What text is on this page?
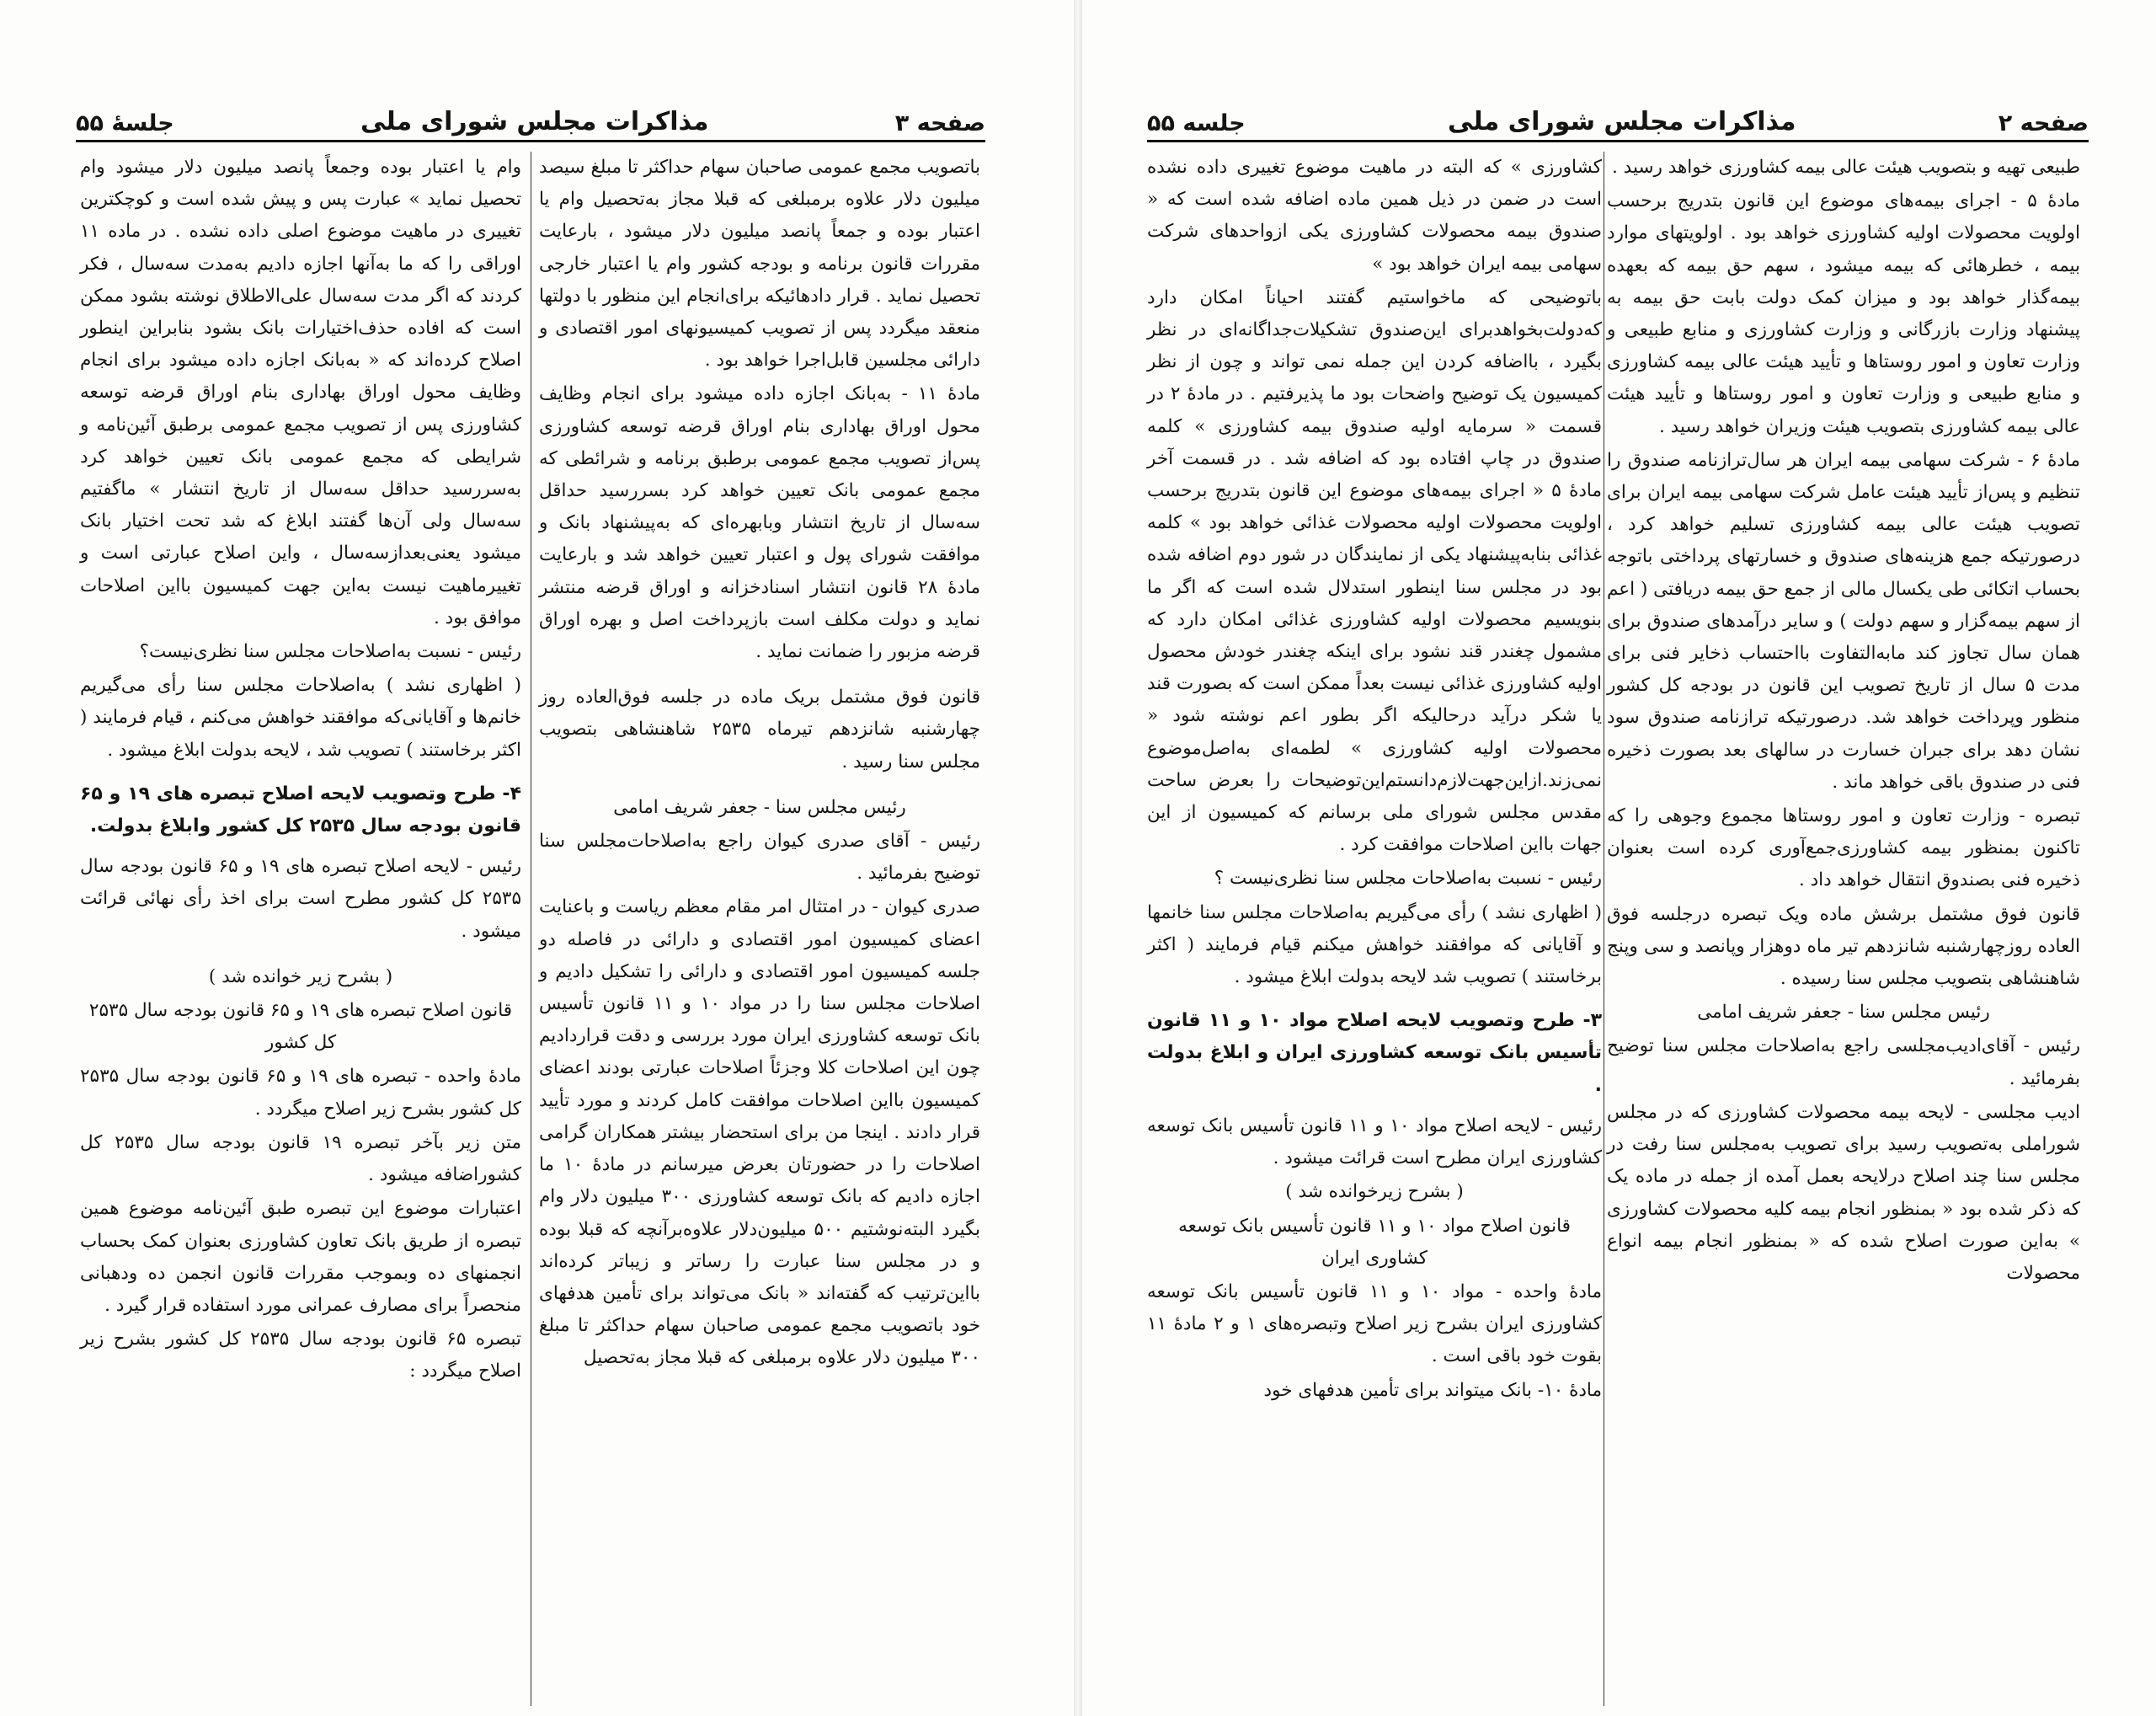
صفحه ۳
مذاکرات مجلس شورای ملی
جلسهٔ ۵۵

باتصویب مجمع عمومی صاحبان سهام حداکثر تا مبلغ سیصد میلیون دلار علاوه برمبلغی که قبلا مجاز به‌تحصیل وام یا اعتبار بوده و جمعاً پانصد میلیون دلار میشود ، بارعایت مقررات قانون برنامه و بودجه کشور وام یا اعتبار خارجی تحصیل نماید . قرار دادهائیکه برای‌انجام این منظور با دولتها منعقد میگردد پس از تصویب کمیسیونهای امور اقتصادی و دارائی مجلسین قابل‌اجرا خواهد بود .

مادهٔ ۱۱ - به‌بانک اجازه داده میشود برای انجام وظایف محول اوراق بهاداری بنام اوراق قرضه توسعه کشاورزی پس‌از تصویب مجمع عمومی برطبق برنامه و شرائطی که مجمع عمومی بانک تعیین خواهد کرد بسررسید حداقل سه‌سال از تاریخ انتشار وبابهره‌ای که به‌پیشنهاد بانک و موافقت شورای پول و اعتبار تعیین خواهد شد و بارعایت مادهٔ ۲۸ قانون انتشار اسنادخزانه و اوراق قرضه منتشر نماید و دولت مکلف است بازپرداخت اصل و بهره اوراق قرضه مزبور را ضمانت نماید .

قانون فوق مشتمل بریک ماده در جلسه فوق‌العاده روز چهارشنبه شانزدهم تیرماه ۲۵۳۵ شاهنشاهی بتصویب مجلس سنا رسید .

رئیس مجلس سنا - جعفر شریف امامی

رئیس - آقای صدری کیوان راجع به‌اصلاحات‌مجلس سنا توضیح بفرمائید .

صدری کیوان - در امتثال امر مقام معظم ریاست و باعنایت اعضای کمیسیون امور اقتصادی و دارائی در فاصله دو جلسه کمیسیون امور اقتصادی و دارائی را تشکیل دادیم و اصلاحات مجلس سنا را در مواد ۱۰ و ۱۱ قانون تأسیس بانک توسعه کشاورزی ایران مورد بررسی و دقت قراردادیم چون این اصلاحات کلا وجزئاً اصلاحات عبارتی بودند اعضای کمیسیون بااین اصلاحات موافقت کامل کردند و مورد تأیید قرار دادند . اینجا من برای استحضار بیشتر همکاران گرامی اصلاحات را در حضورتان بعرض میرسانم در مادهٔ ۱۰ ما اجازه دادیم که بانک توسعه کشاورزی ۳۰۰ میلیون دلار وام بگیرد البته‌نوشتیم ۵۰۰ میلیون‌دلار علاوه‌برآنچه که قبلا بوده و در مجلس سنا عبارت را رساتر و زیباتر کرده‌اند بااین‌ترتیب که گفته‌اند « بانک می‌تواند برای تأمین هدفهای خود باتصویب مجمع عمومی صاحبان سهام حداکثر تا مبلغ ۳۰۰ میلیون دلار علاوه برمبلغی که قبلا مجاز به‌تحصیل

وام یا اعتبار بوده وجمعاً پانصد میلیون دلار میشود وام تحصیل نماید » عبارت پس و پیش شده است و کوچکترین تغییری در ماهیت موضوع اصلی داده نشده . در ماده ۱۱ اوراقی را که ما به‌آنها اجازه دادیم به‌مدت سه‌سال ، فکر کردند که اگر مدت سه‌سال علی‌الاطلاق نوشته بشود ممکن است که افاده حذف‌اختیارات بانک بشود بنابراین اینطور اصلاح کرده‌اند که « به‌بانک اجازه داده میشود برای انجام وظایف محول اوراق بهاداری بنام اوراق قرضه توسعه کشاورزی پس از تصویب مجمع عمومی برطبق آئین‌نامه و شرایطی که مجمع عمومی بانک تعیین خواهد کرد به‌سررسید حداقل سه‌سال از تاریخ انتشار » ماگفتیم سه‌سال ولی آن‌ها گفتند ابلاغ که شد تحت اختیار بانک میشود یعنی‌بعدازسه‌سال ، واین اصلاح عبارتی است و تغییرماهیت نیست به‌این جهت کمیسیون بااین اصلاحات موافق بود .

رئیس - نسبت به‌اصلاحات مجلس سنا نظری‌نیست؟

( اظهاری نشد ) به‌اصلاحات مجلس سنا رأی می‌گیریم خانم‌ها و آقایانی‌که موافقند خواهش می‌کنم ، قیام فرمایند ( اکثر برخاستند ) تصویب شد ، لایحه بدولت ابلاغ میشود .

۴- طرح وتصویب لایحه اصلاح تبصره های ۱۹ و ۶۵ قانون بودجه سال ۲۵۳۵ کل کشور وابلاغ بدولت.

رئیس - لایحه اصلاح تبصره های ۱۹ و ۶۵ قانون بودجه سال ۲۵۳۵ کل کشور مطرح است برای اخذ رأی نهائی قرائت میشود .

( بشرح زیر خوانده شد )

قانون اصلاح تبصره های ۱۹ و ۶۵ قانون بودجه سال ۲۵۳۵ کل کشور

مادهٔ واحده - تبصره های ۱۹ و ۶۵ قانون بودجه سال ۲۵۳۵ کل کشور بشرح زیر اصلاح میگردد .

متن زیر بآخر تبصره ۱۹ قانون بودجه سال ۲۵۳۵ کل کشوراضافه میشود .

اعتبارات موضوع این تبصره طبق آئین‌نامه موضوع همین تبصره از طریق بانک تعاون کشاورزی بعنوان کمک بحساب انجمنهای ده وبموجب مقررات قانون انجمن ده ودهبانی منحصراً برای مصارف عمرانی مورد استفاده قرار گیرد .

تبصره ۶۵ قانون بودجه سال ۲۵۳۵ کل کشور بشرح زیر اصلاح میگردد :

صفحه ۲
مذاکرات مجلس شورای ملی
جلسه ۵۵

طبیعی تهیه و بتصویب هیئت عالی بیمه کشاورزی خواهد رسید .

مادهٔ ۵ - اجرای بیمه‌های موضوع این قانون بتدریج برحسب اولویت محصولات اولیه کشاورزی خواهد بود . اولویتهای موارد بیمه ، خطرهائی که بیمه میشود ، سهم حق بیمه که بعهده بیمه‌گذار خواهد بود و میزان کمک دولت بابت حق بیمه به پیشنهاد وزارت بازرگانی و وزارت کشاورزی و منابع طبیعی و وزارت تعاون و امور روستاها و تأیید هیئت عالی بیمه کشاورزی و منابع طبیعی و وزارت تعاون و امور روستاها و تأیید هیئت عالی بیمه کشاورزی بتصویب هیئت وزیران خواهد رسید .

مادهٔ ۶ - شرکت سهامی بیمه ایران هر سال‌ترازنامه صندوق را تنظیم و پس‌از تأیید هیئت عامل شرکت سهامی بیمه ایران برای تصویب هیئت عالی بیمه کشاورزی تسلیم خواهد کرد ، درصورتیکه جمع هزینه‌های صندوق و خسارتهای پرداختی باتوجه بحساب اتکائی طی یکسال مالی از جمع حق بیمه دریافتی ( اعم از سهم بیمه‌گزار و سهم دولت ) و سایر درآمدهای صندوق برای همان سال تجاوز کند مابه‌التفاوت بااحتساب ذخایر فنی برای مدت ۵ سال از تاریخ تصویب این قانون در بودجه کل کشور منظور وپرداخت خواهد شد. درصورتیکه ترازنامه صندوق سود نشان دهد برای جبران خسارت در سالهای بعد بصورت ذخیره فنی در صندوق باقی خواهد ماند .

تبصره - وزارت تعاون و امور روستاها مجموع وجوهی را که تاکنون بمنظور بیمه کشاورزی‌جمع‌آوری کرده است بعنوان ذخیره فنی بصندوق انتقال خواهد داد .

قانون فوق مشتمل برشش ماده ویک تبصره درجلسه فوق العاده روزچهارشنبه شانزدهم تیر ماه دوهزار وپانصد و سی وپنج شاهنشاهی بتصویب مجلس سنا رسیده .

رئیس مجلس سنا - جعفر شریف امامی

رئیس - آقای‌ادیب‌مجلسی راجع به‌اصلاحات مجلس سنا توضیح بفرمائید .

ادیب مجلسی - لایحه بیمه محصولات کشاورزی که در مجلس شوراملی به‌تصویب رسید برای تصویب به‌مجلس سنا رفت در مجلس سنا چند اصلاح درلایحه بعمل آمده از جمله در ماده یک که ذکر شده بود « بمنظور انجام بیمه کلیه محصولات کشاورزی » به‌این صورت اصلاح شده که « بمنظور انجام بیمه انواع محصولات

کشاورزی » که البته در ماهیت موضوع تغییری داده نشده است در ضمن در ذیل همین ماده اضافه شده است که « صندوق بیمه محصولات کشاورزی یکی ازواحدهای شرکت سهامی بیمه ایران خواهد بود »

باتوضیحی که ماخواستیم گفتند احیاناً امکان دارد که‌دولت‌بخواهدبرای این‌صندوق تشکیلات‌جداگانه‌ای در نظر بگیرد ، بااضافه کردن این جمله نمی تواند و چون از نظر کمیسیون یک توضیح واضحات بود ما پذیرفتیم . در مادهٔ ۲ در قسمت « سرمایه اولیه صندوق بیمه کشاورزی » کلمه صندوق در چاپ افتاده بود که اضافه شد . در قسمت آخر مادهٔ ۵ « اجرای بیمه‌های موضوع این قانون بتدریج برحسب اولویت محصولات اولیه محصولات غذائی خواهد بود » کلمه غذائی بنابه‌پیشنهاد یکی از نمایندگان در شور دوم اضافه شده بود در مجلس سنا اینطور استدلال شده است که اگر ما بنویسیم محصولات اولیه کشاورزی غذائی امکان دارد که مشمول چغندر قند نشود برای اینکه چغندر خودش محصول اولیه کشاورزی غذائی نیست بعداً ممکن است که بصورت قند یا شکر درآید درحالیکه اگر بطور اعم نوشته شود « محصولات اولیه کشاورزی » لطمه‌ای به‌اصل‌موضوع نمی‌زند.ازاین‌جهت‌لازم‌دانستم‌این‌توضیحات را بعرض ساحت مقدس مجلس شورای ملی برسانم که کمیسیون از این جهات بااین اصلاحات موافقت کرد .

رئیس - نسبت به‌اصلاحات مجلس سنا نظری‌نیست ؟

( اظهاری نشد ) رأی می‌گیریم به‌اصلاحات مجلس سنا خانمها و آقایانی که موافقند خواهش میکنم قیام فرمایند ( اکثر برخاستند ) تصویب شد لایحه بدولت ابلاغ میشود .

۳- طرح وتصویب لایحه اصلاح مواد ۱۰ و ۱۱ قانون تأسیس بانک توسعه کشاورزی ایران و ابلاغ بدولت .

رئیس - لایحه اصلاح مواد ۱۰ و ۱۱ قانون تأسیس بانک توسعه کشاورزی ایران مطرح است قرائت میشود .

( بشرح زیرخوانده شد )

قانون اصلاح مواد ۱۰ و ۱۱ قانون تأسیس بانک توسعه کشاوری ایران

مادهٔ واحده - مواد ۱۰ و ۱۱ قانون تأسیس بانک توسعه کشاورزی ایران بشرح زیر اصلاح وتبصره‌های ۱ و ۲ مادهٔ ۱۱ بقوت خود باقی است .

مادهٔ ۱۰- بانک میتواند برای تأمین هدفهای خود
